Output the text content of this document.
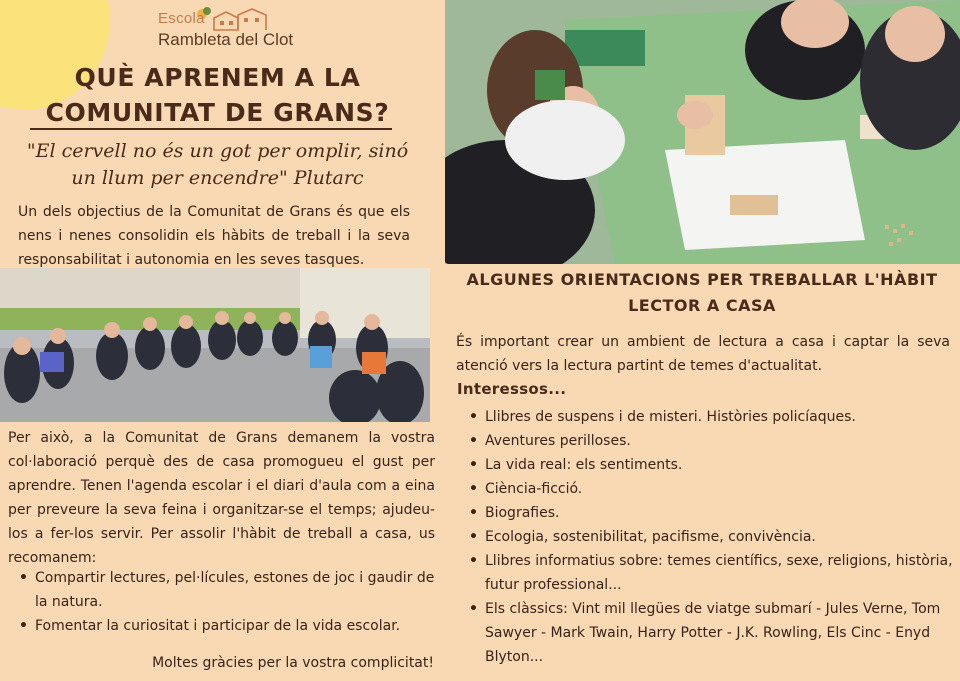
Escola
Rambleta del Clot
QUÈ APRENEM A LA
COMUNITAT DE GRANS?
"El cervell no és un got per omplir, sinó
un llum per encendre" Plutarc
Un dels objectius de la Comunitat de Grans és que els nens i nenes consolidin els hàbits de treball i la seva responsabilitat i autonomia en les seves tasques.
Per això, a la Comunitat de Grans demanem la vostra col·laboració perquè des de casa promogueu el gust per aprendre. Tenen l'agenda escolar i el diari d'aula com a eina per preveure la seva feina i organitzar-se el temps; ajudeu-los a fer-los servir. Per assolir l'hàbit de treball a casa, us recomanem:
• Compartir lectures, pel·lícules, estones de joc i gaudir de la natura.
• Fomentar la curiositat i participar de la vida escolar.
Moltes gràcies per la vostra complicitat!
ALGUNES ORIENTACIONS PER TREBALLAR L'HÀBIT
LECTOR A CASA
És important crear un ambient de lectura a casa i captar la seva atenció vers la lectura partint de temes d'actualitat.
Interessos...
• Llibres de suspens i de misteri. Històries policíaques.
• Aventures perilloses.
• La vida real: els sentiments.
• Ciència-ficció.
• Biografies.
• Ecologia, sostenibilitat, pacifisme, convivència.
• Llibres informatius sobre: temes científics, sexe, religions, història, futur professional...
• Els clàssics: Vint mil llegües de viatge submarí - Jules Verne, Tom Sawyer - Mark Twain, Harry Potter - J.K. Rowling, Els Cinc - Enyd Blyton...
